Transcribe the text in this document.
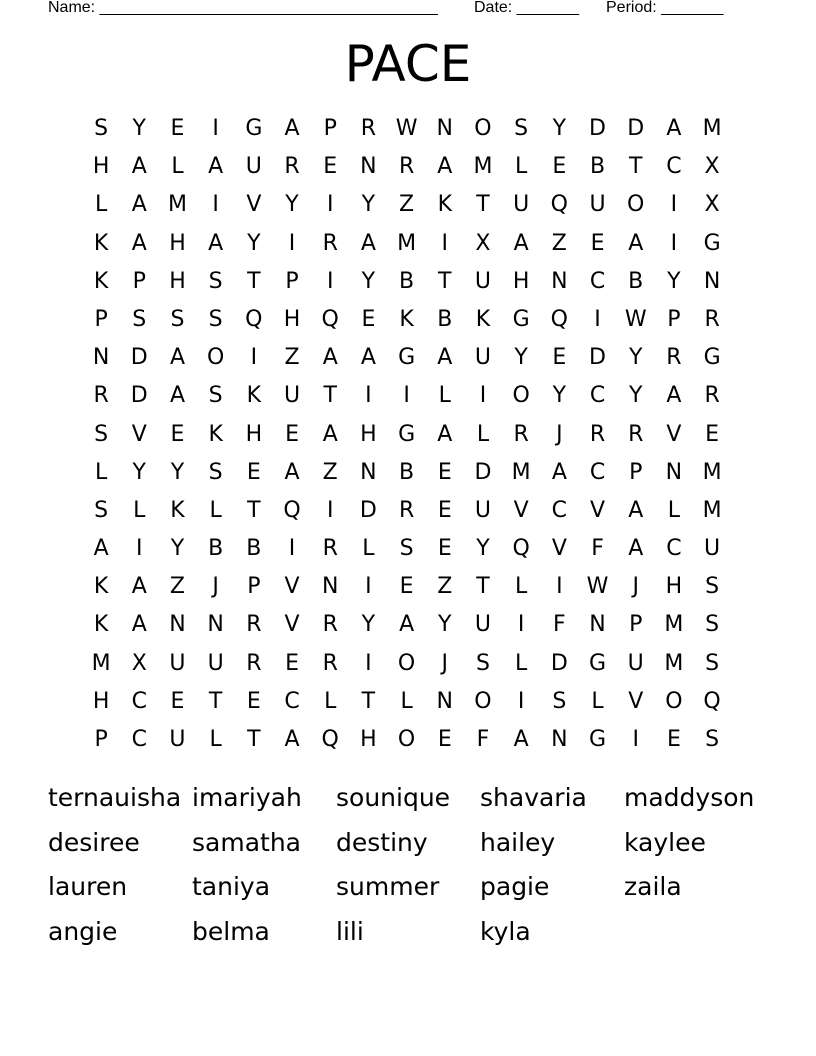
Name: ______________________________________ Date: _______ Period: _______
PACE
S	Y	E	I	G	A	P	R W N O	S	Y	D D	A M
H	A	L	A	U	R	E	N	R	A M	L	E	B	T	C	X
L	A M	I	V	Y	I	Y	Z	K	T	U Q U O	I	X
K	A	H	A	Y	I	R	A M	I	X	A	Z	E	A	I	G
K	P	H	S	T	P	I	Y	B	T	U H N	C	B	Y	N
P	S	S	S	Q H Q	E	K	B	K	G Q	I	W P	R
N D	A O	I	Z	A	A	G	A	U	Y	E	D	Y	R	G
R	D	A	S	K	U	T	I	I	L	I	O	Y	C	Y	A	R
S	V	E	K	H	E	A	H G	A	L	R	J	R	R	V	E
L	Y	Y	S	E	A	Z	N	B	E	D M A	C	P	N M
S	L	K	L	T	Q	I	D	R	E	U	V	C	V	A	L	M
A	I	Y	B	B	I	R	L	S	E	Y	Q	V	F	A	C	U
K	A	Z	J	P	V	N	I	E	Z	T	L	I	W	J	H	S
K	A	N N	R	V	R	Y	A	Y	U	I	F	N	P	M S
M X	U	U	R	E	R	I	O	J	S	L	D G U M S
H	C	E	T	E	C	L	T	L	N O	I	S	L	V O Q
P	C	U	L	T	A Q H O	E	F	A	N G	I	E	S
ternauisha imariyah	sounique	shavaria	maddyson
desiree	samatha	destiny	hailey	kaylee
lauren	taniya	summer	pagie	zaila
angie	belma	lili	kyla
